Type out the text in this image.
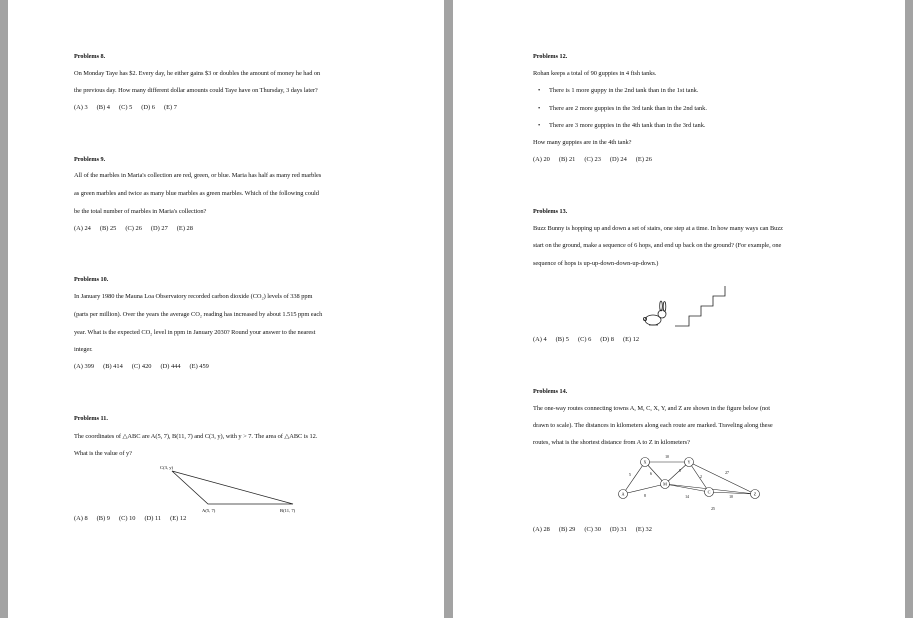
Problems 8.
On Monday Taye has $2. Every day, he either gains $3 or doubles the amount of money he had on
the previous day. How many different dollar amounts could Taye have on Thursday, 3 days later?
(A) 3 (B) 4 (C) 5 (D) 6 (E) 7
Problems 9.
All of the marbles in Maria's collection are red, green, or blue. Maria has half as many red marbles
as green marbles and twice as many blue marbles as green marbles. Which of the following could
be the total number of marbles in Maria's collection?
(A) 24 (B) 25 (C) 26 (D) 27 (E) 28
Problems 10.
In January 1980 the Mauna Loa Observatory recorded carbon dioxide (CO₂) levels of 338 ppm
(parts per million). Over the years the average CO₂ reading has increased by about 1.515 ppm each
year. What is the expected CO₂ level in ppm in January 2030? Round your answer to the nearest
integer.
(A) 399 (B) 414 (C) 420 (D) 444 (E) 459
Problems 11.
The coordinates of △ABC are A(5, 7), B(11, 7) and C(3, y), with y > 7. The area of △ABC is 12.
What is the value of y?
C(3, y)
A(5, 7)	B(11, 7)
(A) 8 (B) 9 (C) 10 (D) 11 (E) 12
Problems 12.
Rohan keeps a total of 90 guppies in 4 fish tanks.
• There is 1 more guppy in the 2nd tank than in the 1st tank.
• There are 2 more guppies in the 3rd tank than in the 2nd tank.
• There are 3 more guppies in the 4th tank than in the 3rd tank.
How many guppies are in the 4th tank?
(A) 20 (B) 21 (C) 23 (D) 24 (E) 26
Problems 13.
Buzz Bunny is hopping up and down a set of stairs, one step at a time. In how many ways can Buzz
start on the ground, make a sequence of 6 hops, and end up back on the ground? (For example, one
sequence of hops is up-up-down-down-up-down.)
(A) 4 (B) 5 (C) 6 (D) 8 (E) 12
Problems 14.
The one-way routes connecting towns A, M, C, X, Y, and Z are shown in the figure below (not
drawn to scale). The distances in kilometers along each route are marked. Traveling along these
routes, what is the shortest distance from A to Z in kilometers?
5
8
6
10
5
14
2
27
10
25
A
X	Y
M
C	Z
(A) 28 (B) 29 (C) 30 (D) 31 (E) 32
